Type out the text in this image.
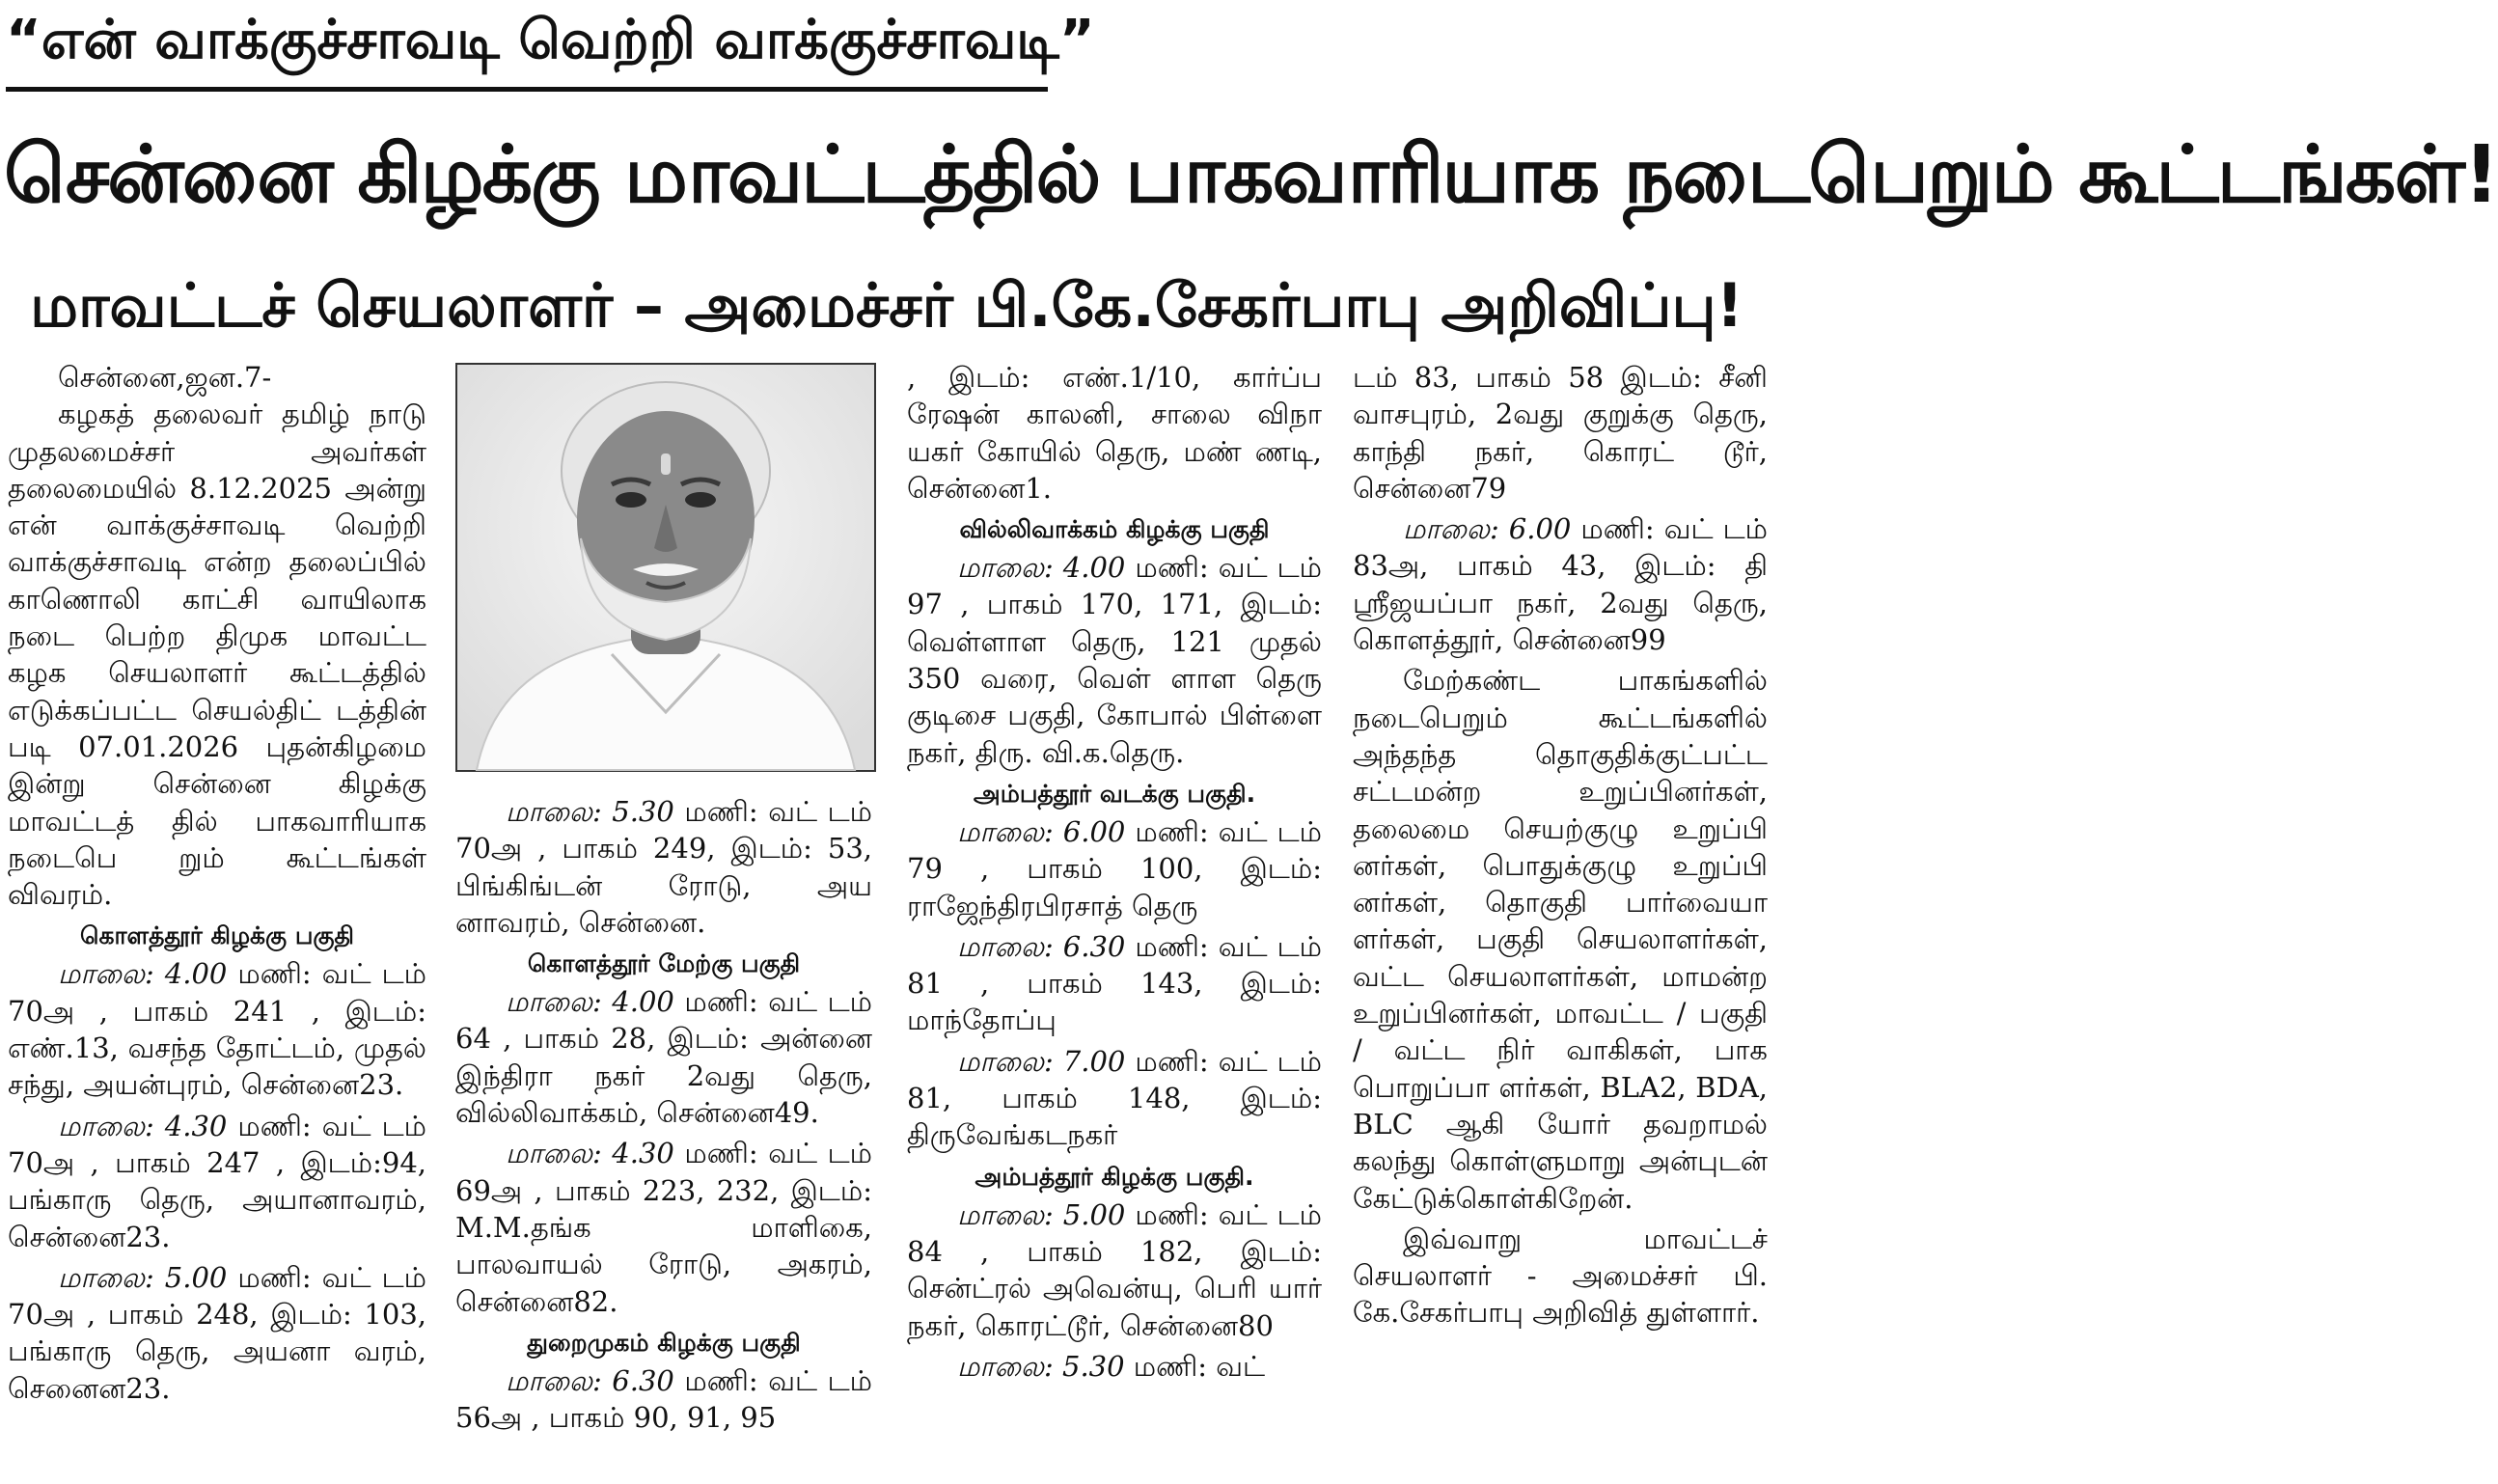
“என் வாக்குச்சாவடி வெற்றி வாக்குச்சாவடி”
சென்னை கிழக்கு மாவட்டத்தில் பாகவாரியாக நடைபெறும் கூட்டங்கள்!
மாவட்டச் செயலாளர் – அமைச்சர் பி.கே.சேகர்பாபு அறிவிப்பு!

சென்னை,ஜன.7-

கழகத் தலைவர் தமிழ் நாடு முதலமைச்சர் அவர்கள் தலைமையில் 8.12.2025 அன்று என் வாக்குச்சாவடி வெற்றி வாக்குச்சாவடி என்ற தலைப்பில் காணொலி காட்சி வாயிலாக நடை பெற்ற திமுக மாவட்ட கழக செயலாளர் கூட்டத்தில் எடுக்கப்பட்ட செயல்திட் டத்தின் படி 07.01.2026 புதன்கிழமை இன்று சென்னை கிழக்கு மாவட்டத் தில் பாகவாரியாக நடைபெ றும் கூட்டங்கள் விவரம்.

கொளத்தூர் கிழக்கு பகுதி

மாலை: 4.00 மணி: வட் டம் 70அ , பாகம் 241 , இடம்: எண்.13, வசந்த தோட்டம், முதல் சந்து, அயன்புரம், சென்னை23.

மாலை: 4.30 மணி: வட் டம் 70அ , பாகம் 247 , இடம்:94, பங்காரு தெரு, அயானாவரம், சென்னை23.

மாலை: 5.00 மணி: வட் டம் 70அ , பாகம் 248, இடம்: 103, பங்காரு தெரு, அயனா வரம், செனைன23.

மாலை: 5.30 மணி: வட் டம் 70அ , பாகம் 249, இடம்: 53, பிங்கிங்டன் ரோடு, அய னாவரம், சென்னை.

கொளத்தூர் மேற்கு பகுதி

மாலை: 4.00 மணி: வட் டம் 64 , பாகம் 28, இடம்: அன்னை இந்திரா நகர் 2வது தெரு, வில்லிவாக்கம், சென்னை49.

மாலை: 4.30 மணி: வட் டம் 69அ , பாகம் 223, 232, இடம்: M.M.தங்க மாளிகை, பாலவாயல் ரோடு, அகரம், சென்னை82.

துறைமுகம் கிழக்கு பகுதி

மாலை: 6.30 மணி: வட் டம் 56அ , பாகம் 90, 91, 95

, இடம்: எண்.1/10, கார்ப்ப ரேஷன் காலனி, சாலை விநா யகர் கோயில் தெரு, மண் ணடி, சென்னை1.

வில்லிவாக்கம் கிழக்கு பகுதி

மாலை: 4.00 மணி: வட் டம் 97 , பாகம் 170, 171, இடம்: வெள்ளாள தெரு, 121 முதல் 350 வரை, வெள் ளாள தெரு குடிசை பகுதி, கோபால் பிள்ளை நகர், திரு. வி.க.தெரு.

அம்பத்தூர் வடக்கு பகுதி.

மாலை: 6.00 மணி: வட் டம் 79 , பாகம் 100, இடம்: ராஜேந்திரபிரசாத் தெரு

மாலை: 6.30 மணி: வட் டம் 81 , பாகம் 143, இடம்: மாந்தோப்பு

மாலை: 7.00 மணி: வட் டம் 81, பாகம் 148, இடம்: திருவேங்கடநகர்

அம்பத்தூர் கிழக்கு பகுதி.

மாலை: 5.00 மணி: வட் டம் 84 , பாகம் 182, இடம்: சென்ட்ரல் அவென்யு, பெரி யார் நகர், கொரட்டூர், சென்னை80

மாலை: 5.30 மணி: வட்

டம் 83, பாகம் 58 இடம்: சீனி வாசபுரம், 2வது குறுக்கு தெரு, காந்தி நகர், கொரட் டூர், சென்னை79

மாலை: 6.00 மணி: வட் டம் 83அ, பாகம் 43, இடம்: தி ஸ்ரீஜயப்பா நகர், 2வது தெரு, கொளத்தூர், சென்னை99

மேற்கண்ட பாகங்களில் நடைபெறும் கூட்டங்களில் அந்தந்த தொகுதிக்குட்பட்ட சட்டமன்ற உறுப்பினர்கள், தலைமை செயற்குழு உறுப்பி னர்கள், பொதுக்குழு உறுப்பி னர்கள், தொகுதி பார்வையா ளர்கள், பகுதி செயலாளர்கள், வட்ட செயலாளர்கள், மாமன்ற உறுப்பினர்கள், மாவட்ட / பகுதி / வட்ட நிர் வாகிகள், பாக பொறுப்பா ளர்கள், BLA2, BDA, BLC ஆகி யோர் தவறாமல் கலந்து கொள்ளுமாறு அன்புடன் கேட்டுக்கொள்கிறேன்.

இவ்வாறு மாவட்டச் செயலாளர் - அமைச்சர் பி. கே.சேகர்பாபு அறிவித் துள்ளார்.
